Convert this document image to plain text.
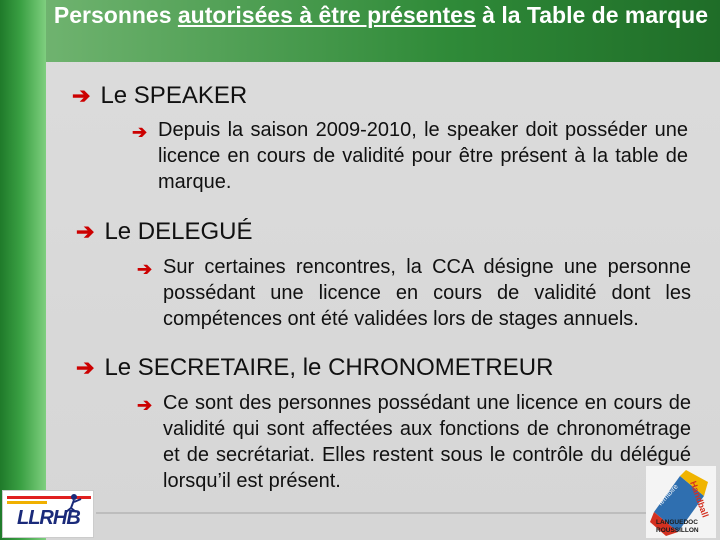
Personnes autorisées à être présentes à la Table de marque
➔ Le SPEAKER
➔ Depuis la saison 2009-2010, le speaker doit posséder une licence en cours de validité pour être présent à la table de marque.
➔ Le DELEGUÉ
➔ Sur certaines rencontres, la CCA désigne une personne possédant une licence en cours de validité dont les compétences ont été validées lors de stages annuels.
➔ Le SECRETAIRE, le CHRONOMETREUR
➔ Ce sont des personnes possédant une licence en cours de validité qui sont affectées aux fonctions de chronométrage et de secrétariat. Elles restent sous le contrôle du délégué lorsqu’il est présent.
LLRHB
Territoire Handball
LANGUEDOC
ROUSSILLON
